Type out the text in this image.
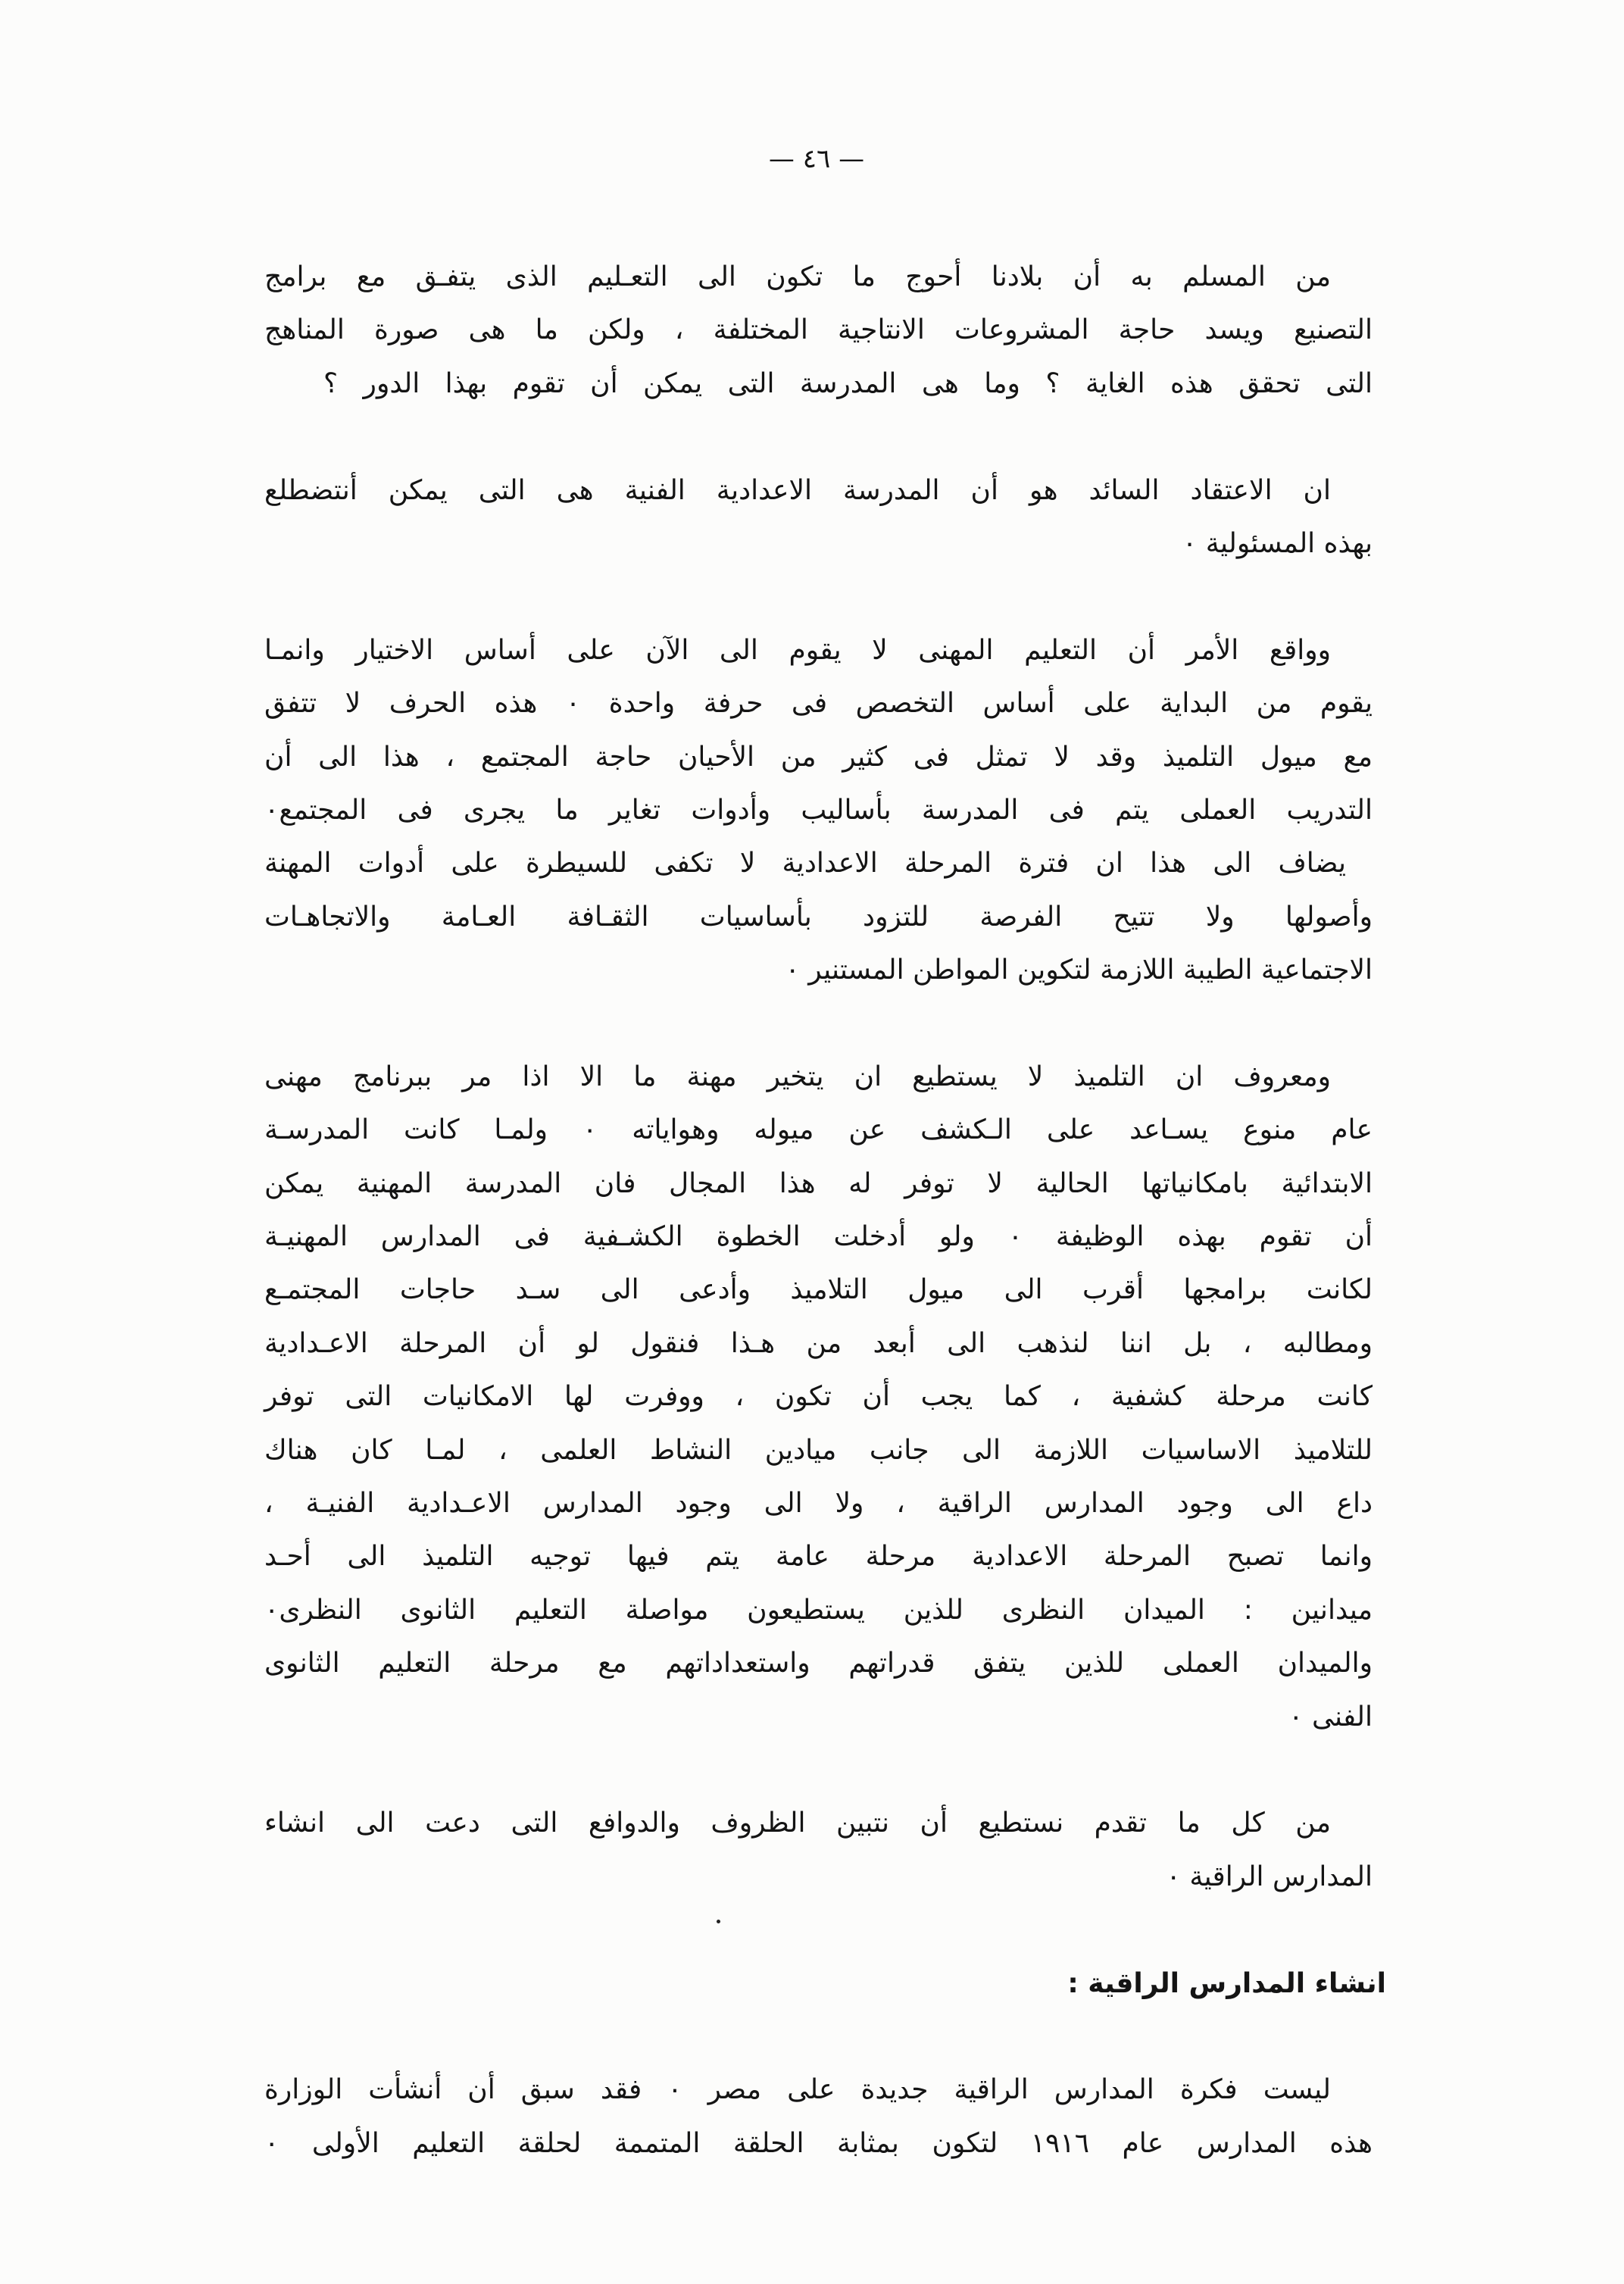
— ٤٦ —
من المسلم به أن بلادنا أحوج ما تكون الى التعـليم الذى يتفـق مع برامج
التصنيع ويسد حاجة المشروعات الانتاجية المختلفة ، ولكن ما هى صورة المناهج
التى تحقق هذه الغاية ؟ وما هى المدرسة التى يمكن أن تقوم بهذا الدور ؟
ان الاعتقاد السائد هو أن المدرسة الاعدادية الفنية هى التى يمكن أنتضطلع
بهذه المسئولية ٠
وواقع الأمر أن التعليم المهنى لا يقوم الى الآن على أساس الاختيار وانمـا
يقوم من البداية على أساس التخصص فى حرفة واحدة ٠ هذه الحرف لا تتفق
مع ميول التلميذ وقد لا تمثل فى كثير من الأحيان حاجة المجتمع ، هذا الى أن
التدريب العملى يتم فى المدرسة بأساليب وأدوات تغاير ما يجرى فى المجتمع٠
يضاف الى هذا ان فترة المرحلة الاعدادية لا تكفى للسيطرة على أدوات المهنة
وأصولها ولا تتيح الفرصة للتزود بأساسيات الثقـافة العـامة والاتجاهـات
الاجتماعية الطيبة اللازمة لتكوين المواطن المستنير ٠
ومعروف ان التلميذ لا يستطيع ان يتخير مهنة ما الا اذا مر ببرنامج مهنى
عام منوع يسـاعد على الـكشف عن ميوله وهواياته ٠ ولمـا كانت المدرسـة
الابتدائية بامكانياتها الحالية لا توفر له هذا المجال فان المدرسة المهنية يمكن
أن تقوم بهذه الوظيفة ٠ ولو أدخلت الخطوة الكشـفية فى المدارس المهنيـة
لكانت برامجها أقرب الى ميول التلاميذ وأدعى الى سـد حاجات المجتمـع
ومطالبه ، بل اننا لنذهب الى أبعد من هـذا فنقول لو أن المرحلة الاعـدادية
كانت مرحلة كشفية ، كما يجب أن تكون ، ووفرت لها الامكانيات التى توفر
للتلاميذ الاساسيات اللازمة الى جانب ميادين النشاط العلمى ، لمـا كان هناك
داع الى وجود المدارس الراقية ، ولا الى وجود المدارس الاعـدادية الفنيـة ،
وانما تصبح المرحلة الاعدادية مرحلة عامة يتم فيها توجيه التلميذ الى أحـد
ميدانين : الميدان النظرى للذين يستطيعون مواصلة التعليم الثانوى النظرى٠
والميدان العملى للذين يتفق قدراتهم واستعداداتهم مع مرحلة التعليم الثانوى
الفنى ٠
من كل ما تقدم نستطيع أن نتبين الظروف والدوافع التى دعت الى انشاء
المدارس الراقية ٠
انشاء المدارس الراقية :
ليست فكرة المدارس الراقية جديدة على مصر ٠ فقد سبق أن أنشأت الوزارة
هذه المدارس عام ١٩١٦ لتكون بمثابة الحلقة المتممة لحلقة التعليم الأولى ٠
